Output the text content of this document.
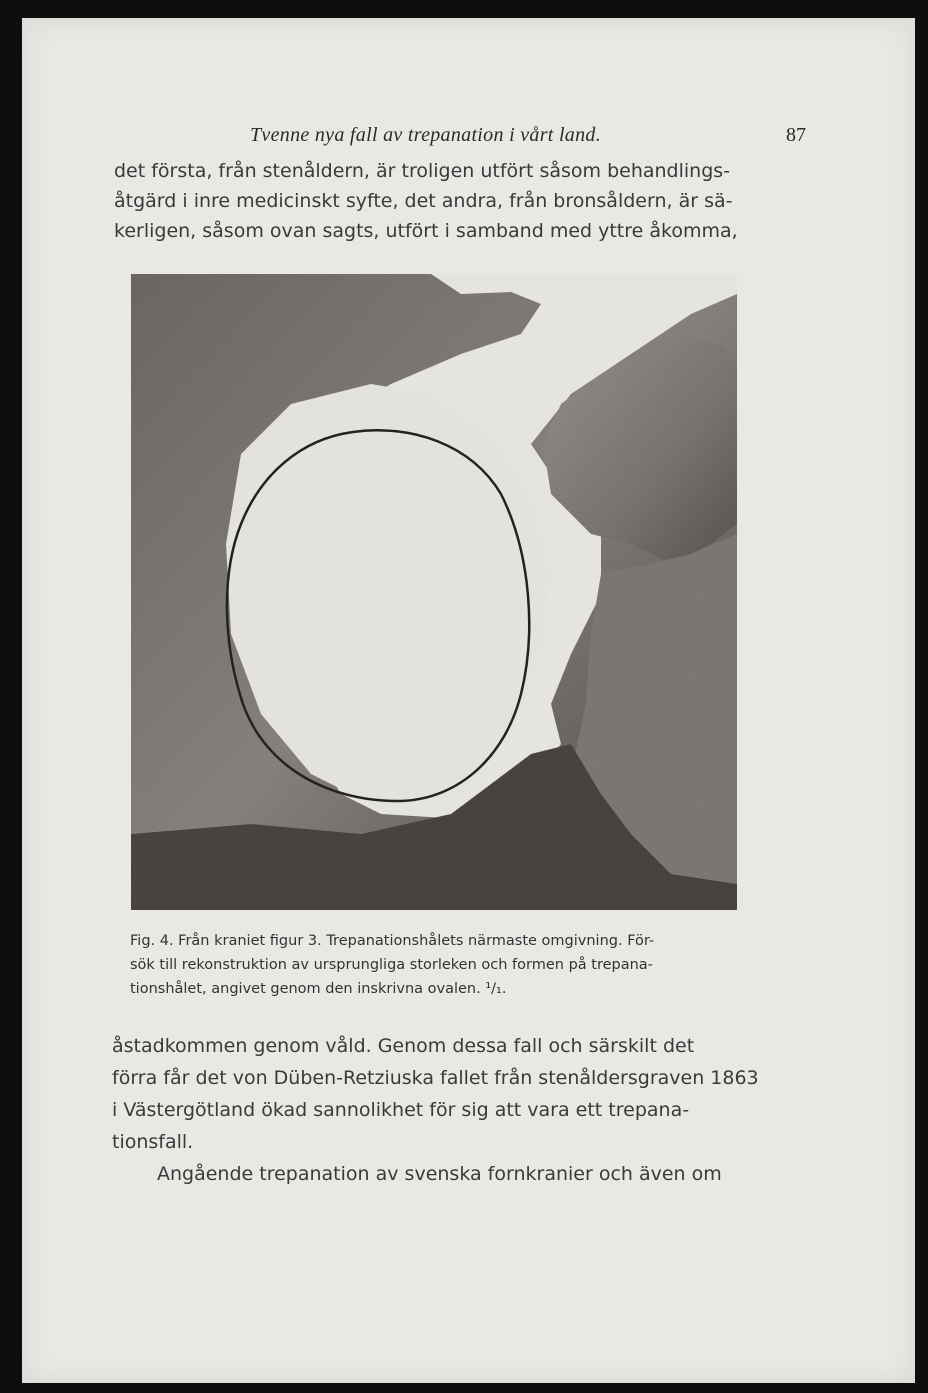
Tvenne nya fall av trepanation i vårt land.	87
det första, från stenåldern, är troligen utfört såsom behandlings-
åtgärd i inre medicinskt syfte, det andra, från bronsåldern, är sä-
kerligen, såsom ovan sagts, utfört i samband med yttre åkomma,
Fig. 4. Från kraniet figur 3. Trepanationshålets närmaste omgivning. För-
sök till rekonstruktion av ursprungliga storleken och formen på trepana-
tionshålet, angivet genom den inskrivna ovalen. ¹/₁.
åstadkommen genom våld. Genom dessa fall och särskilt det
förra får det von Düben-Retziuska fallet från stenåldersgraven 1863
i Västergötland ökad sannolikhet för sig att vara ett trepana-
tionsfall.
Angående trepanation av svenska fornkranier och även om
